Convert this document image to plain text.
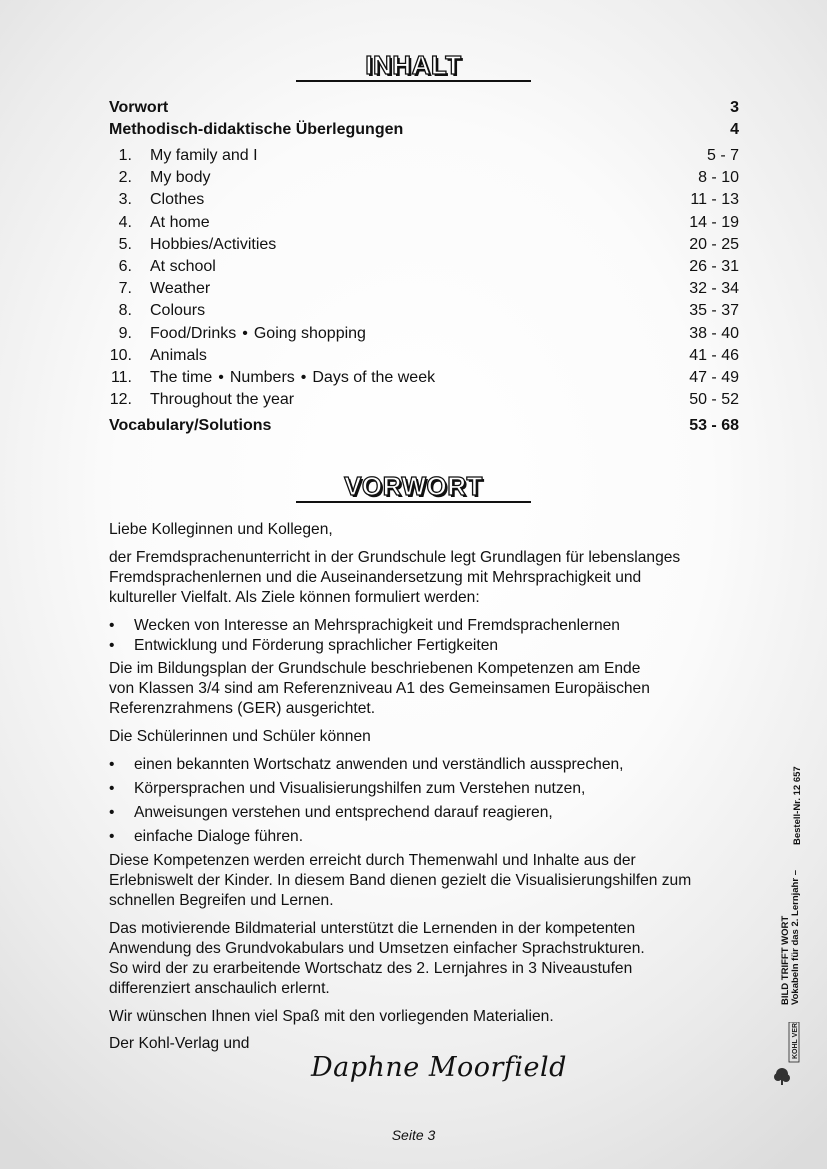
INHALT
Vorwort	3
Methodisch-didaktische Überlegungen	4
1. My family and I	5 - 7
2. My body	8 - 10
3. Clothes	11 - 13
4. At home	14 - 19
5. Hobbies/Activities	20 - 25
6. At school	26 - 31
7. Weather	32 - 34
8. Colours	35 - 37
9. Food/Drinks • Going shopping	38 - 40
10. Animals	41 - 46
11. The time • Numbers • Days of the week	47 - 49
12. Throughout the year	50 - 52
Vocabulary/Solutions	53 - 68
VORWORT
Liebe Kolleginnen und Kollegen,
der Fremdsprachenunterricht in der Grundschule legt Grundlagen für lebenslanges
Fremdsprachenlernen und die Auseinandersetzung mit Mehrsprachigkeit und
kultureller Vielfalt. Als Ziele können formuliert werden:
• Wecken von Interesse an Mehrsprachigkeit und Fremdsprachenlernen
• Entwicklung und Förderung sprachlicher Fertigkeiten
Die im Bildungsplan der Grundschule beschriebenen Kompetenzen am Ende
von Klassen 3/4 sind am Referenzniveau A1 des Gemeinsamen Europäischen
Referenzrahmens (GER) ausgerichtet.
Die Schülerinnen und Schüler können
• einen bekannten Wortschatz anwenden und verständlich aussprechen,
• Körpersprachen und Visualisierungshilfen zum Verstehen nutzen,
• Anweisungen verstehen und entsprechend darauf reagieren,
• einfache Dialoge führen.
Diese Kompetenzen werden erreicht durch Themenwahl und Inhalte aus der
Erlebniswelt der Kinder. In diesem Band dienen gezielt die Visualisierungshilfen zum
schnellen Begreifen und Lernen.
Das motivierende Bildmaterial unterstützt die Lernenden in der kompetenten
Anwendung des Grundvokabulars und Umsetzen einfacher Sprachstrukturen.
So wird der zu erarbeitende Wortschatz des 2. Lernjahres in 3 Niveaustufen
differenziert anschaulich erlernt.
Wir wünschen Ihnen viel Spaß mit den vorliegenden Materialien.
Der Kohl-Verlag und
Daphne Moorfield
Bestell-Nr. 12 657
Vokabeln für das 2. Lernjahr –
BILD TRIFFT WORT
KOHL VERLAG
Seite 3
